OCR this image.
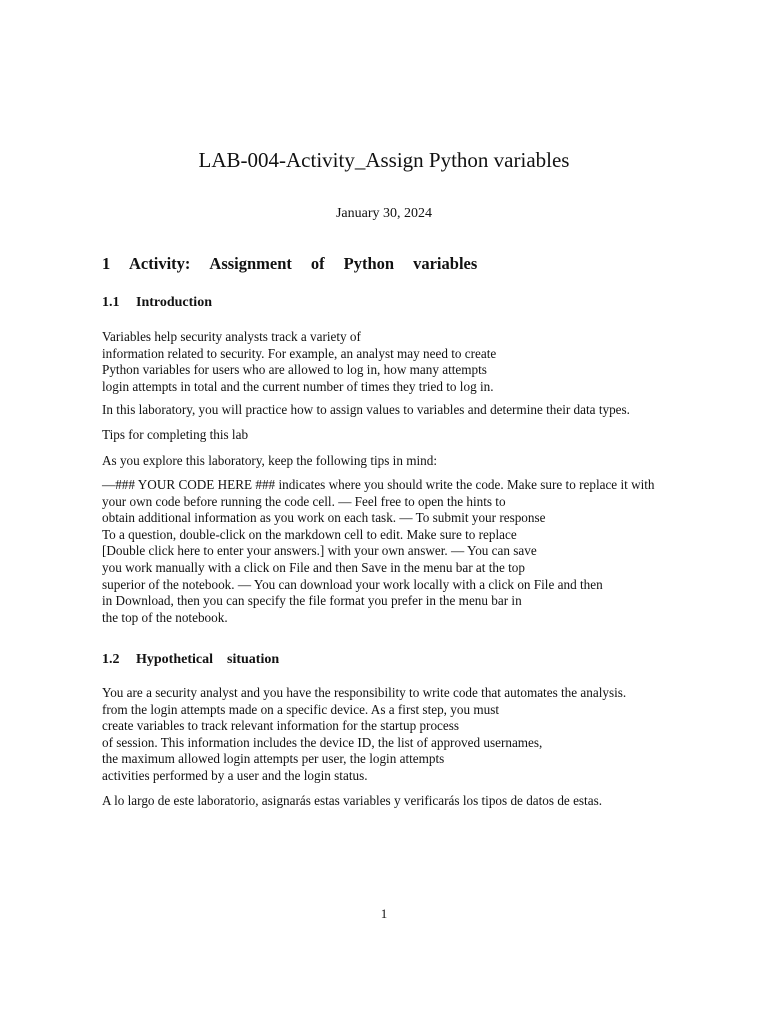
LAB-004-Activity_Assign Python variables
January 30, 2024
1 Activity: Assignment of Python variables
1.1 Introduction
Variables help security analysts track a variety of
information related to security. For example, an analyst may need to create
Python variables for users who are allowed to log in, how many attempts
login attempts in total and the current number of times they tried to log in.
In this laboratory, you will practice how to assign values to variables and determine their data types.
Tips for completing this lab
As you explore this laboratory, keep the following tips in mind:
—### YOUR CODE HERE ### indicates where you should write the code. Make sure to replace it with
your own code before running the code cell. — Feel free to open the hints to
obtain additional information as you work on each task. — To submit your response
To a question, double-click on the markdown cell to edit. Make sure to replace
[Double click here to enter your answers.] with your own answer. — You can save
you work manually with a click on File and then Save in the menu bar at the top
superior of the notebook. — You can download your work locally with a click on File and then
in Download, then you can specify the file format you prefer in the menu bar in
the top of the notebook.
1.2 Hypothetical    situation
You are a security analyst and you have the responsibility to write code that automates the analysis.
from the login attempts made on a specific device. As a first step, you must
create variables to track relevant information for the startup process
of session. This information includes the device ID, the list of approved usernames,
the maximum allowed login attempts per user, the login attempts
activities performed by a user and the login status.
A lo largo de este laboratorio, asignarás estas variables y verificarás los tipos de datos de estas.
1
